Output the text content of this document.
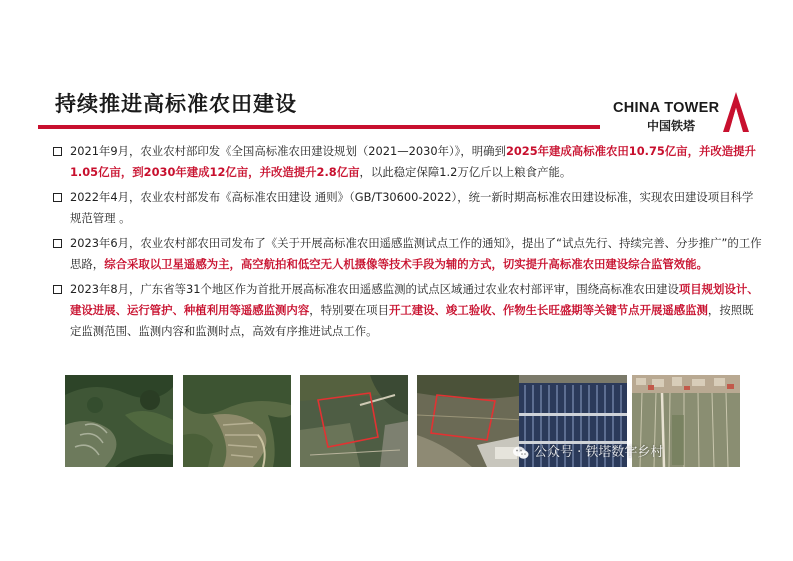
持续推进高标准农田建设	CHINA TOWER
中国铁塔
2021年9月，农业农村部印发《全国高标准农田建设规划（2021—2030年）》，明确到2025年建成高标准农田10.75亿亩，并改造提升1.05亿亩，到2030年建成12亿亩，并改造提升2.8亿亩，以此稳定保障1.2万亿斤以上粮食产能。
2022年4月，农业农村部发布《高标准农田建设 通则》（GB/T30600-2022），统一新时期高标准农田建设标准，实现农田建设项目科学规范管理 。
2023年6月，农业农村部农田司发布了《关于开展高标准农田遥感监测试点工作的通知》，提出了“试点先行、持续完善、分步推广”的工作思路，综合采取以卫星遥感为主，高空航拍和低空无人机摄像等技术手段为辅的方式，切实提升高标准农田建设综合监管效能。
2023年8月，广东省等31个地区作为首批开展高标准农田遥感监测的试点区域通过农业农村部评审，围绕高标准农田建设项目规划设计、建设进展、运行管护、种植利用等遥感监测内容，特别要在项目开工建设、竣工验收、作物生长旺盛期等关键节点开展遥感监测，按照既定监测范围、监测内容和监测时点，高效有序推进试点工作。
公众号 · 铁塔数字乡村
